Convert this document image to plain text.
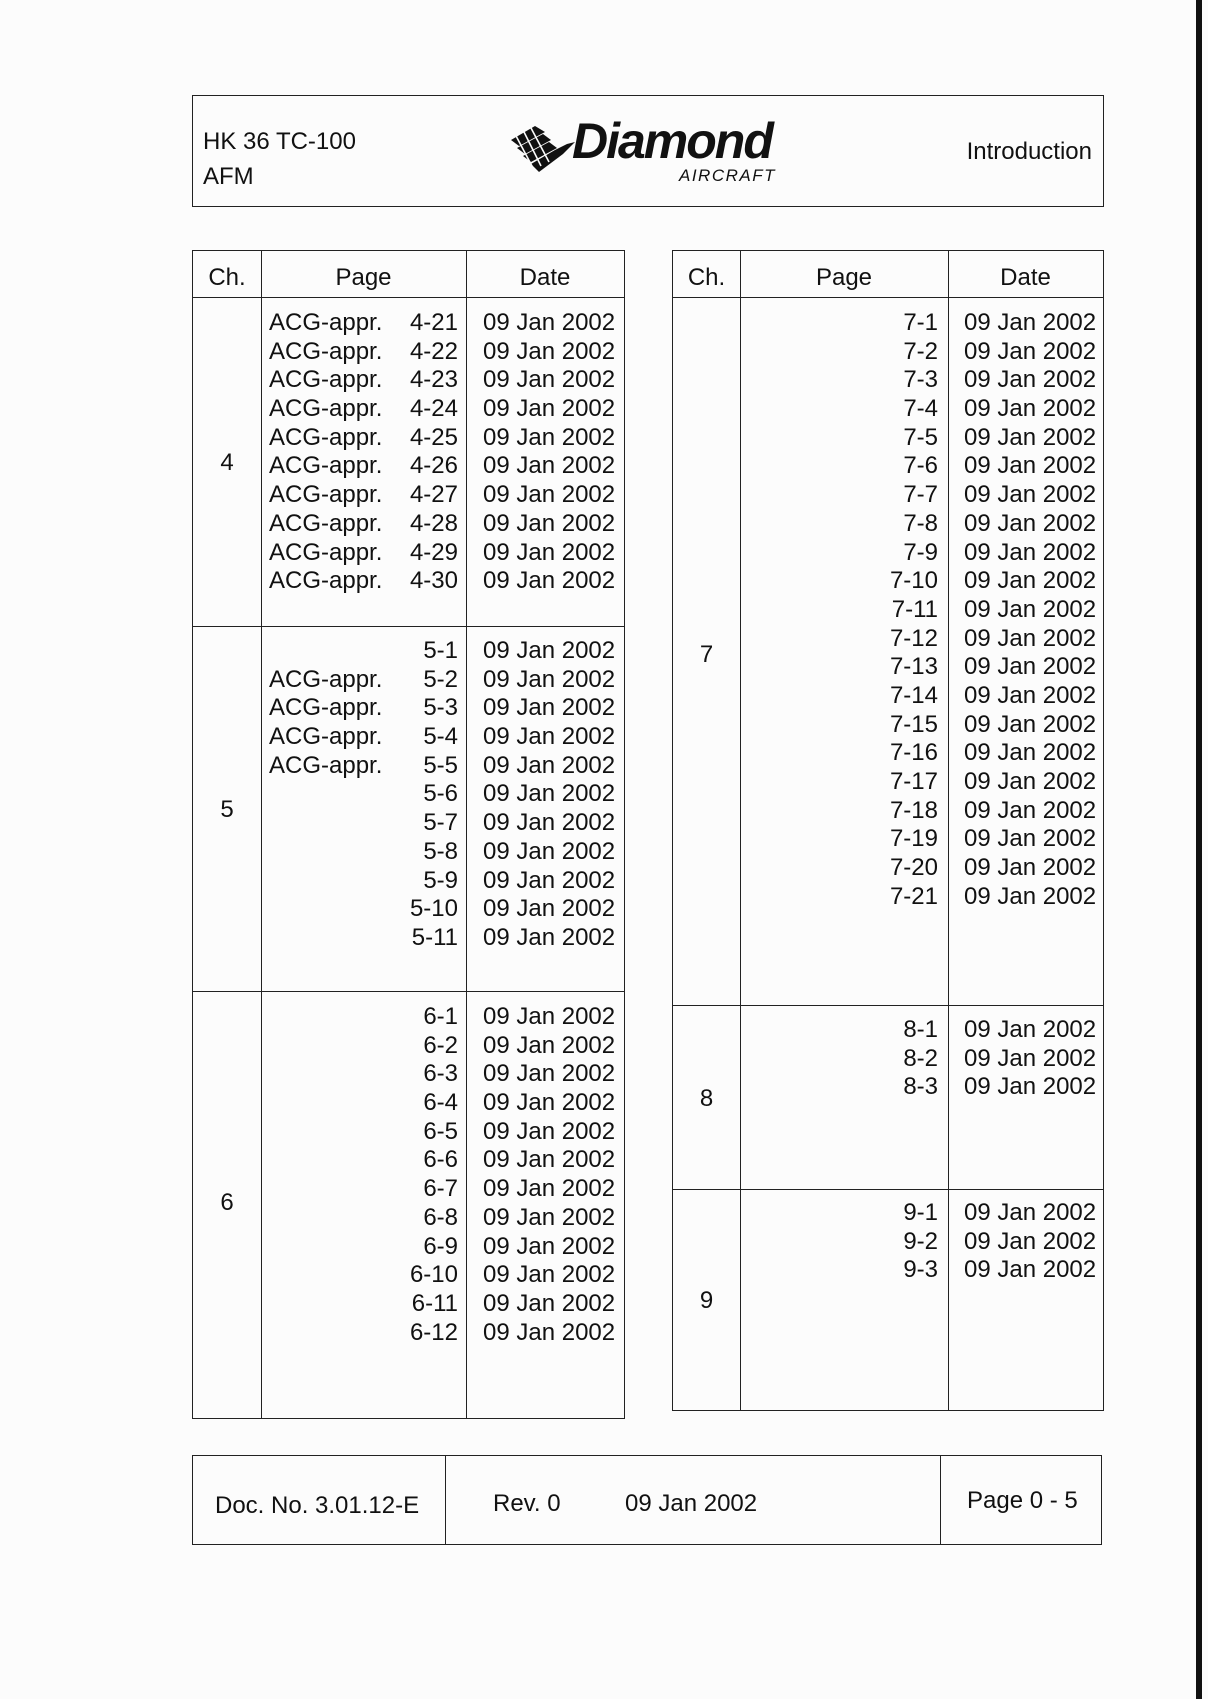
HK 36 TC-100
AFM
Diamond
AIRCRAFT
Introduction
Ch.	Page	Date
4
ACG-appr. 4-21 09 Jan 2002
ACG-appr. 4-22 09 Jan 2002
ACG-appr. 4-23 09 Jan 2002
ACG-appr. 4-24 09 Jan 2002
ACG-appr. 4-25 09 Jan 2002
ACG-appr. 4-26 09 Jan 2002
ACG-appr. 4-27 09 Jan 2002
ACG-appr. 4-28 09 Jan 2002
ACG-appr. 4-29 09 Jan 2002
ACG-appr. 4-30 09 Jan 2002
5
5-1 09 Jan 2002
ACG-appr. 5-2 09 Jan 2002
ACG-appr. 5-3 09 Jan 2002
ACG-appr. 5-4 09 Jan 2002
ACG-appr. 5-5 09 Jan 2002
5-6 09 Jan 2002
5-7 09 Jan 2002
5-8 09 Jan 2002
5-9 09 Jan 2002
5-10 09 Jan 2002
5-11 09 Jan 2002
6
6-1 09 Jan 2002
6-2 09 Jan 2002
6-3 09 Jan 2002
6-4 09 Jan 2002
6-5 09 Jan 2002
6-6 09 Jan 2002
6-7 09 Jan 2002
6-8 09 Jan 2002
6-9 09 Jan 2002
6-10 09 Jan 2002
6-11 09 Jan 2002
6-12 09 Jan 2002
Ch.	Page	Date
7
7-1 09 Jan 2002
7-2 09 Jan 2002
7-3 09 Jan 2002
7-4 09 Jan 2002
7-5 09 Jan 2002
7-6 09 Jan 2002
7-7 09 Jan 2002
7-8 09 Jan 2002
7-9 09 Jan 2002
7-10 09 Jan 2002
7-11 09 Jan 2002
7-12 09 Jan 2002
7-13 09 Jan 2002
7-14 09 Jan 2002
7-15 09 Jan 2002
7-16 09 Jan 2002
7-17 09 Jan 2002
7-18 09 Jan 2002
7-19 09 Jan 2002
7-20 09 Jan 2002
7-21 09 Jan 2002
8
8-1 09 Jan 2002
8-2 09 Jan 2002
8-3 09 Jan 2002
9
9-1 09 Jan 2002
9-2 09 Jan 2002
9-3 09 Jan 2002
Doc. No. 3.01.12-E	Rev. 0	09 Jan 2002	Page 0 - 5
